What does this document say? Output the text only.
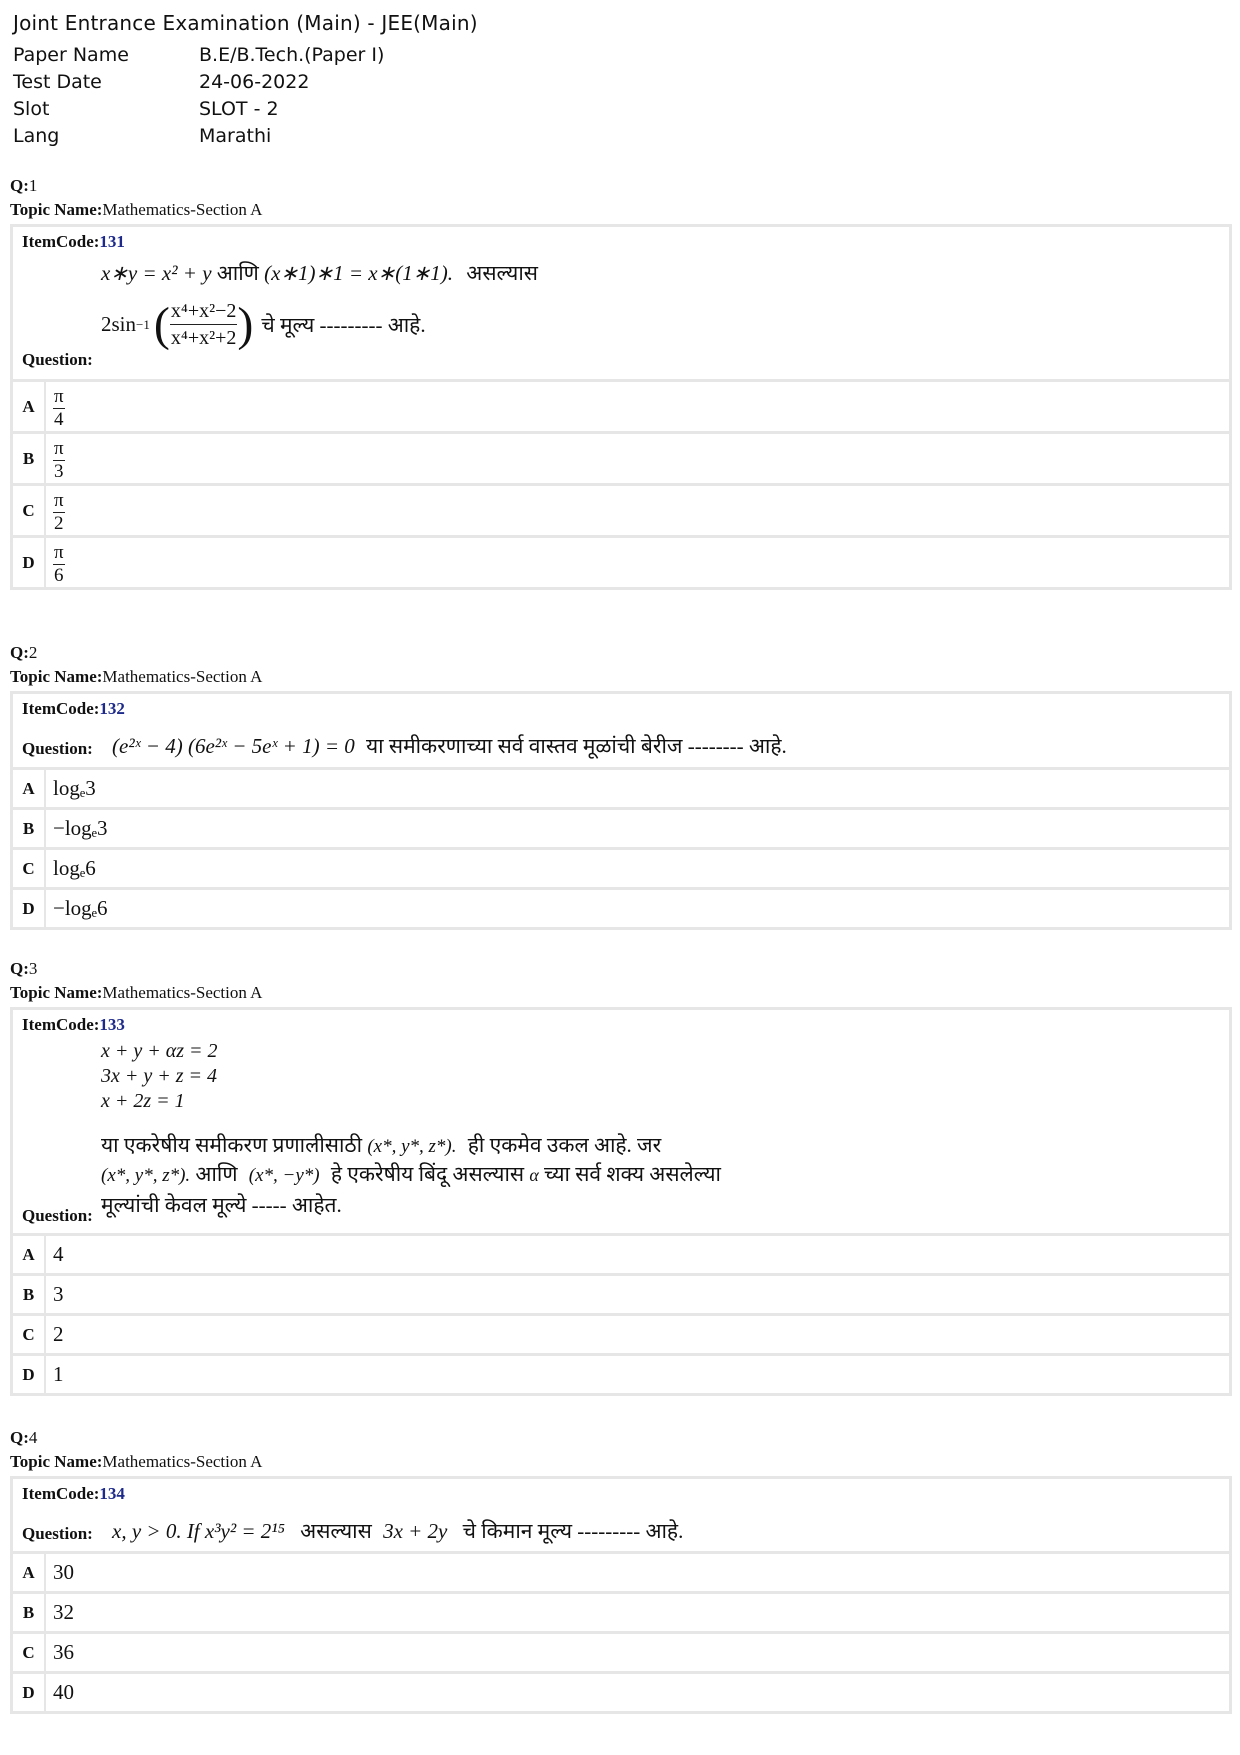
Joint Entrance Examination (Main) - JEE(Main)
Paper Name	B.E/B.Tech.(Paper I)
Test Date	24-06-2022
Slot	SLOT - 2
Lang	Marathi
Q:1
Topic Name:Mathematics-Section A
ItemCode:131
x∗y = x² + y आणि (x∗1)∗1 = x∗(1∗1). असल्यास
2sin −1 ( $\frac{\text{x⁴+x²−2}}{\text{x⁴+x²+2}}$ ) चे मूल्य --------- आहे.
Question:
A $\frac{\pi}{4}$
B $\frac{\pi}{3}$
C $\frac{\pi}{2}$
D $\frac{\pi}{6}$
Q:2
Topic Name:Mathematics-Section A
ItemCode:132
Question: (e²ˣ − 4) (6e²ˣ − 5eˣ + 1) = 0 या समीकरणाच्या सर्व वास्तव मूळांची बेरीज -------- आहे.
A logₑ3
B −logₑ3
C logₑ6
D −logₑ6
Q:3
Topic Name:Mathematics-Section A
ItemCode:133
x + y + αz = 2
3x + y + z = 4
x + 2z = 1
या एकरेषीय समीकरण प्रणालीसाठी (x*, y*, z*). ही एकमेव उकल आहे. जर
(x*, y*, z*). आणि (x*, −y*) हे एकरेषीय बिंदू असल्यास α च्या सर्व शक्य असलेल्या
Question: मूल्यांची केवल मूल्ये ----- आहेत.
A 4
B 3
C 2
D 1
Q:4
Topic Name:Mathematics-Section A
ItemCode:134
Question: x, y > 0. If x³y² = 2¹⁵ असल्यास 3x + 2y चे किमान मूल्य --------- आहे.
A 30
B 32
C 36
D 40
